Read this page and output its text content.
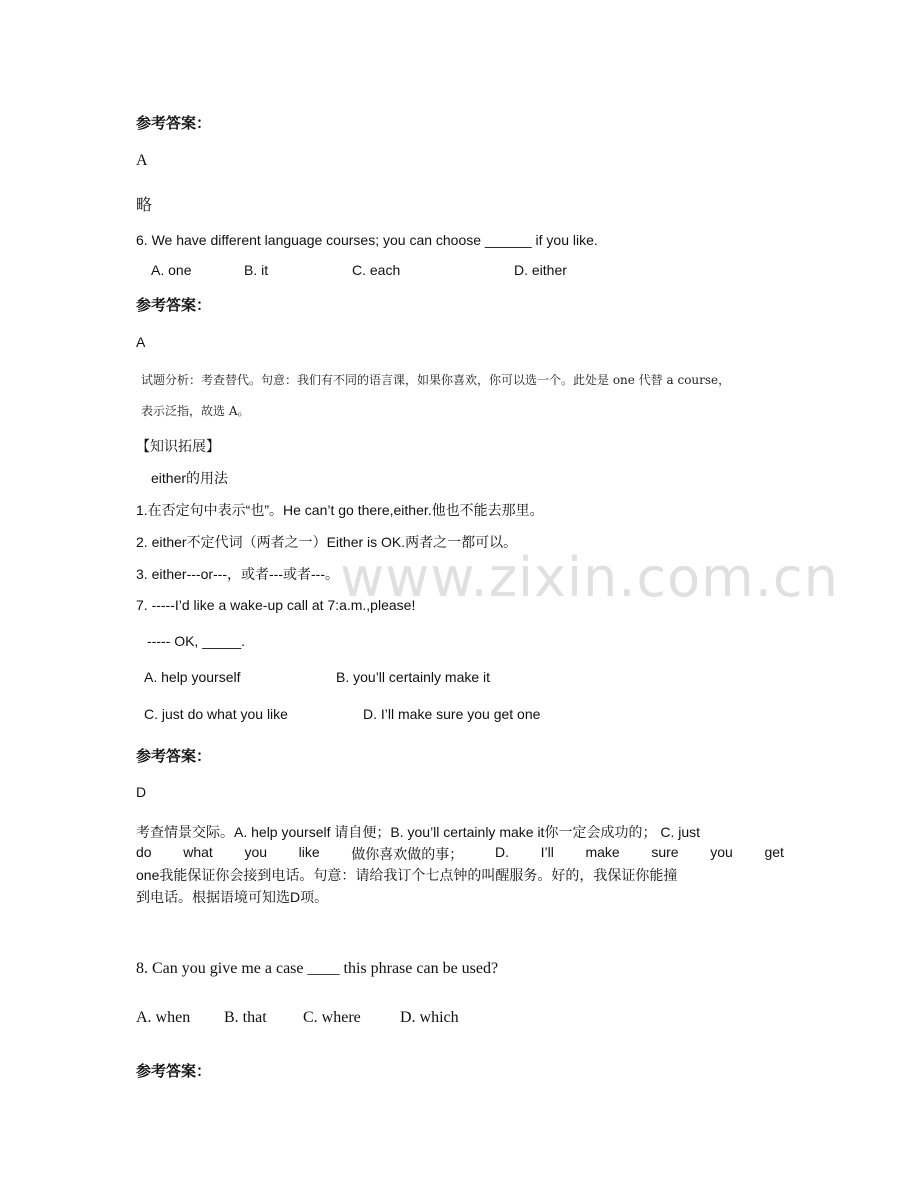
www.zixin.com.cn
参考答案：
A
略
6. We have different language courses; you can choose ______ if you like.
A. one	B. it	C. each	D. either
参考答案：
A
试题分析：考查替代。句意：我们有不同的语言课，如果你喜欢，你可以选一个。此处是 one 代替 a course，
表示泛指，故选 A。
【知识拓展】
either的用法
1.在否定句中表示“也”。He can’t go there,either.他也不能去那里。
2. either不定代词（两者之一）Either is OK.两者之一都可以。
3. either---or---，或者---或者---。
7. -----I’d like a wake-up call at 7:a.m.,please!
----- OK, _____.
A. help yourself	B. you’ll certainly make it
C. just do what you like	D. I’ll make sure you get one
参考答案：
D
考查情景交际。A. help yourself 请自便；B. you’ll certainly make it你一定会成功的； C. just
do what you like 做你喜欢做的事； D. I’ll make sure you get
one我能保证你会接到电话。句意：请给我订个七点钟的叫醒服务。好的，我保证你能撞
到电话。根据语境可知选D项。
8. Can you give me a case ____ this phrase can be used?
A. when B. that C. where D. which
参考答案：
